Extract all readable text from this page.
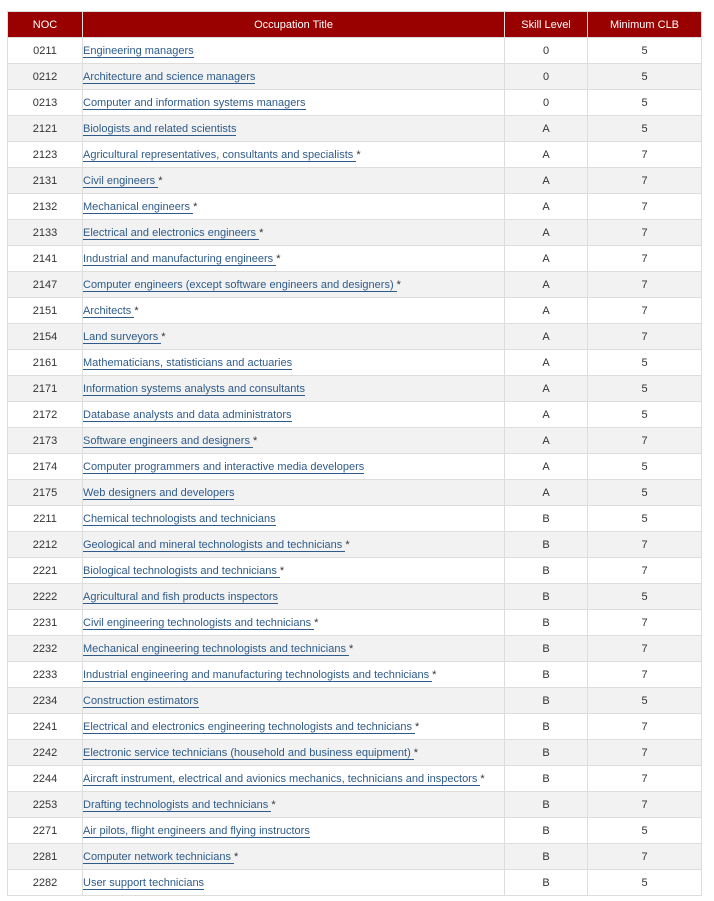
NOC	Occupation Title	Skill Level	Minimum CLB
0211	Engineering managers	0	5
0212	Architecture and science managers	0	5
0213	Computer and information systems managers	0	5
2121	Biologists and related scientists	A	5
2123	Agricultural representatives, consultants and specialists *	A	7
2131	Civil engineers *	A	7
2132	Mechanical engineers *	A	7
2133	Electrical and electronics engineers *	A	7
2141	Industrial and manufacturing engineers *	A	7
2147	Computer engineers (except software engineers and designers) *	A	7
2151	Architects *	A	7
2154	Land surveyors *	A	7
2161	Mathematicians, statisticians and actuaries	A	5
2171	Information systems analysts and consultants	A	5
2172	Database analysts and data administrators	A	5
2173	Software engineers and designers *	A	7
2174	Computer programmers and interactive media developers	A	5
2175	Web designers and developers	A	5
2211	Chemical technologists and technicians	B	5
2212	Geological and mineral technologists and technicians *	B	7
2221	Biological technologists and technicians *	B	7
2222	Agricultural and fish products inspectors	B	5
2231	Civil engineering technologists and technicians *	B	7
2232	Mechanical engineering technologists and technicians *	B	7
2233	Industrial engineering and manufacturing technologists and technicians *	B	7
2234	Construction estimators	B	5
2241	Electrical and electronics engineering technologists and technicians *	B	7
2242	Electronic service technicians (household and business equipment) *	B	7
2244	Aircraft instrument, electrical and avionics mechanics, technicians and inspectors *	B	7
2253	Drafting technologists and technicians *	B	7
2271	Air pilots, flight engineers and flying instructors	B	5
2281	Computer network technicians *	B	7
2282	User support technicians	B	5
